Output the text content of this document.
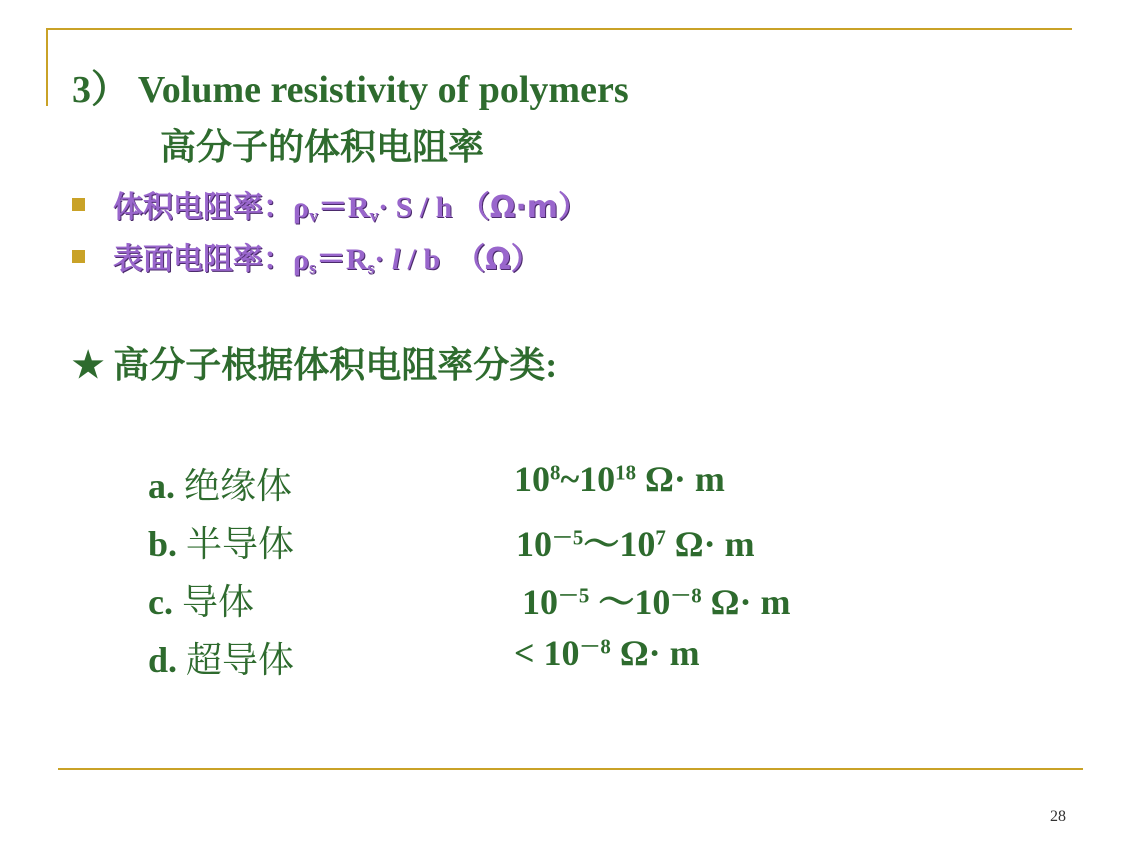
3） Volume resistivity of polymers
高分子的体积电阻率
体积电阻率：$\rho_v=R_v\cdot S / h$ （Ω·m）
表面电阻率：$\rho_s=R_s\cdot l / b$ （Ω）
★ 高分子根据体积电阻率分类:
a. 绝缘体	$10^8\sim 10^{18}$ Ω· m
b. 半导体	$10^{-5}\sim 10^7$ Ω· m
c. 导体	$10^{-5}$ $\sim 10^{-8}$ Ω· m
d. 超导体	< $10^{-8}$ Ω· m
28
